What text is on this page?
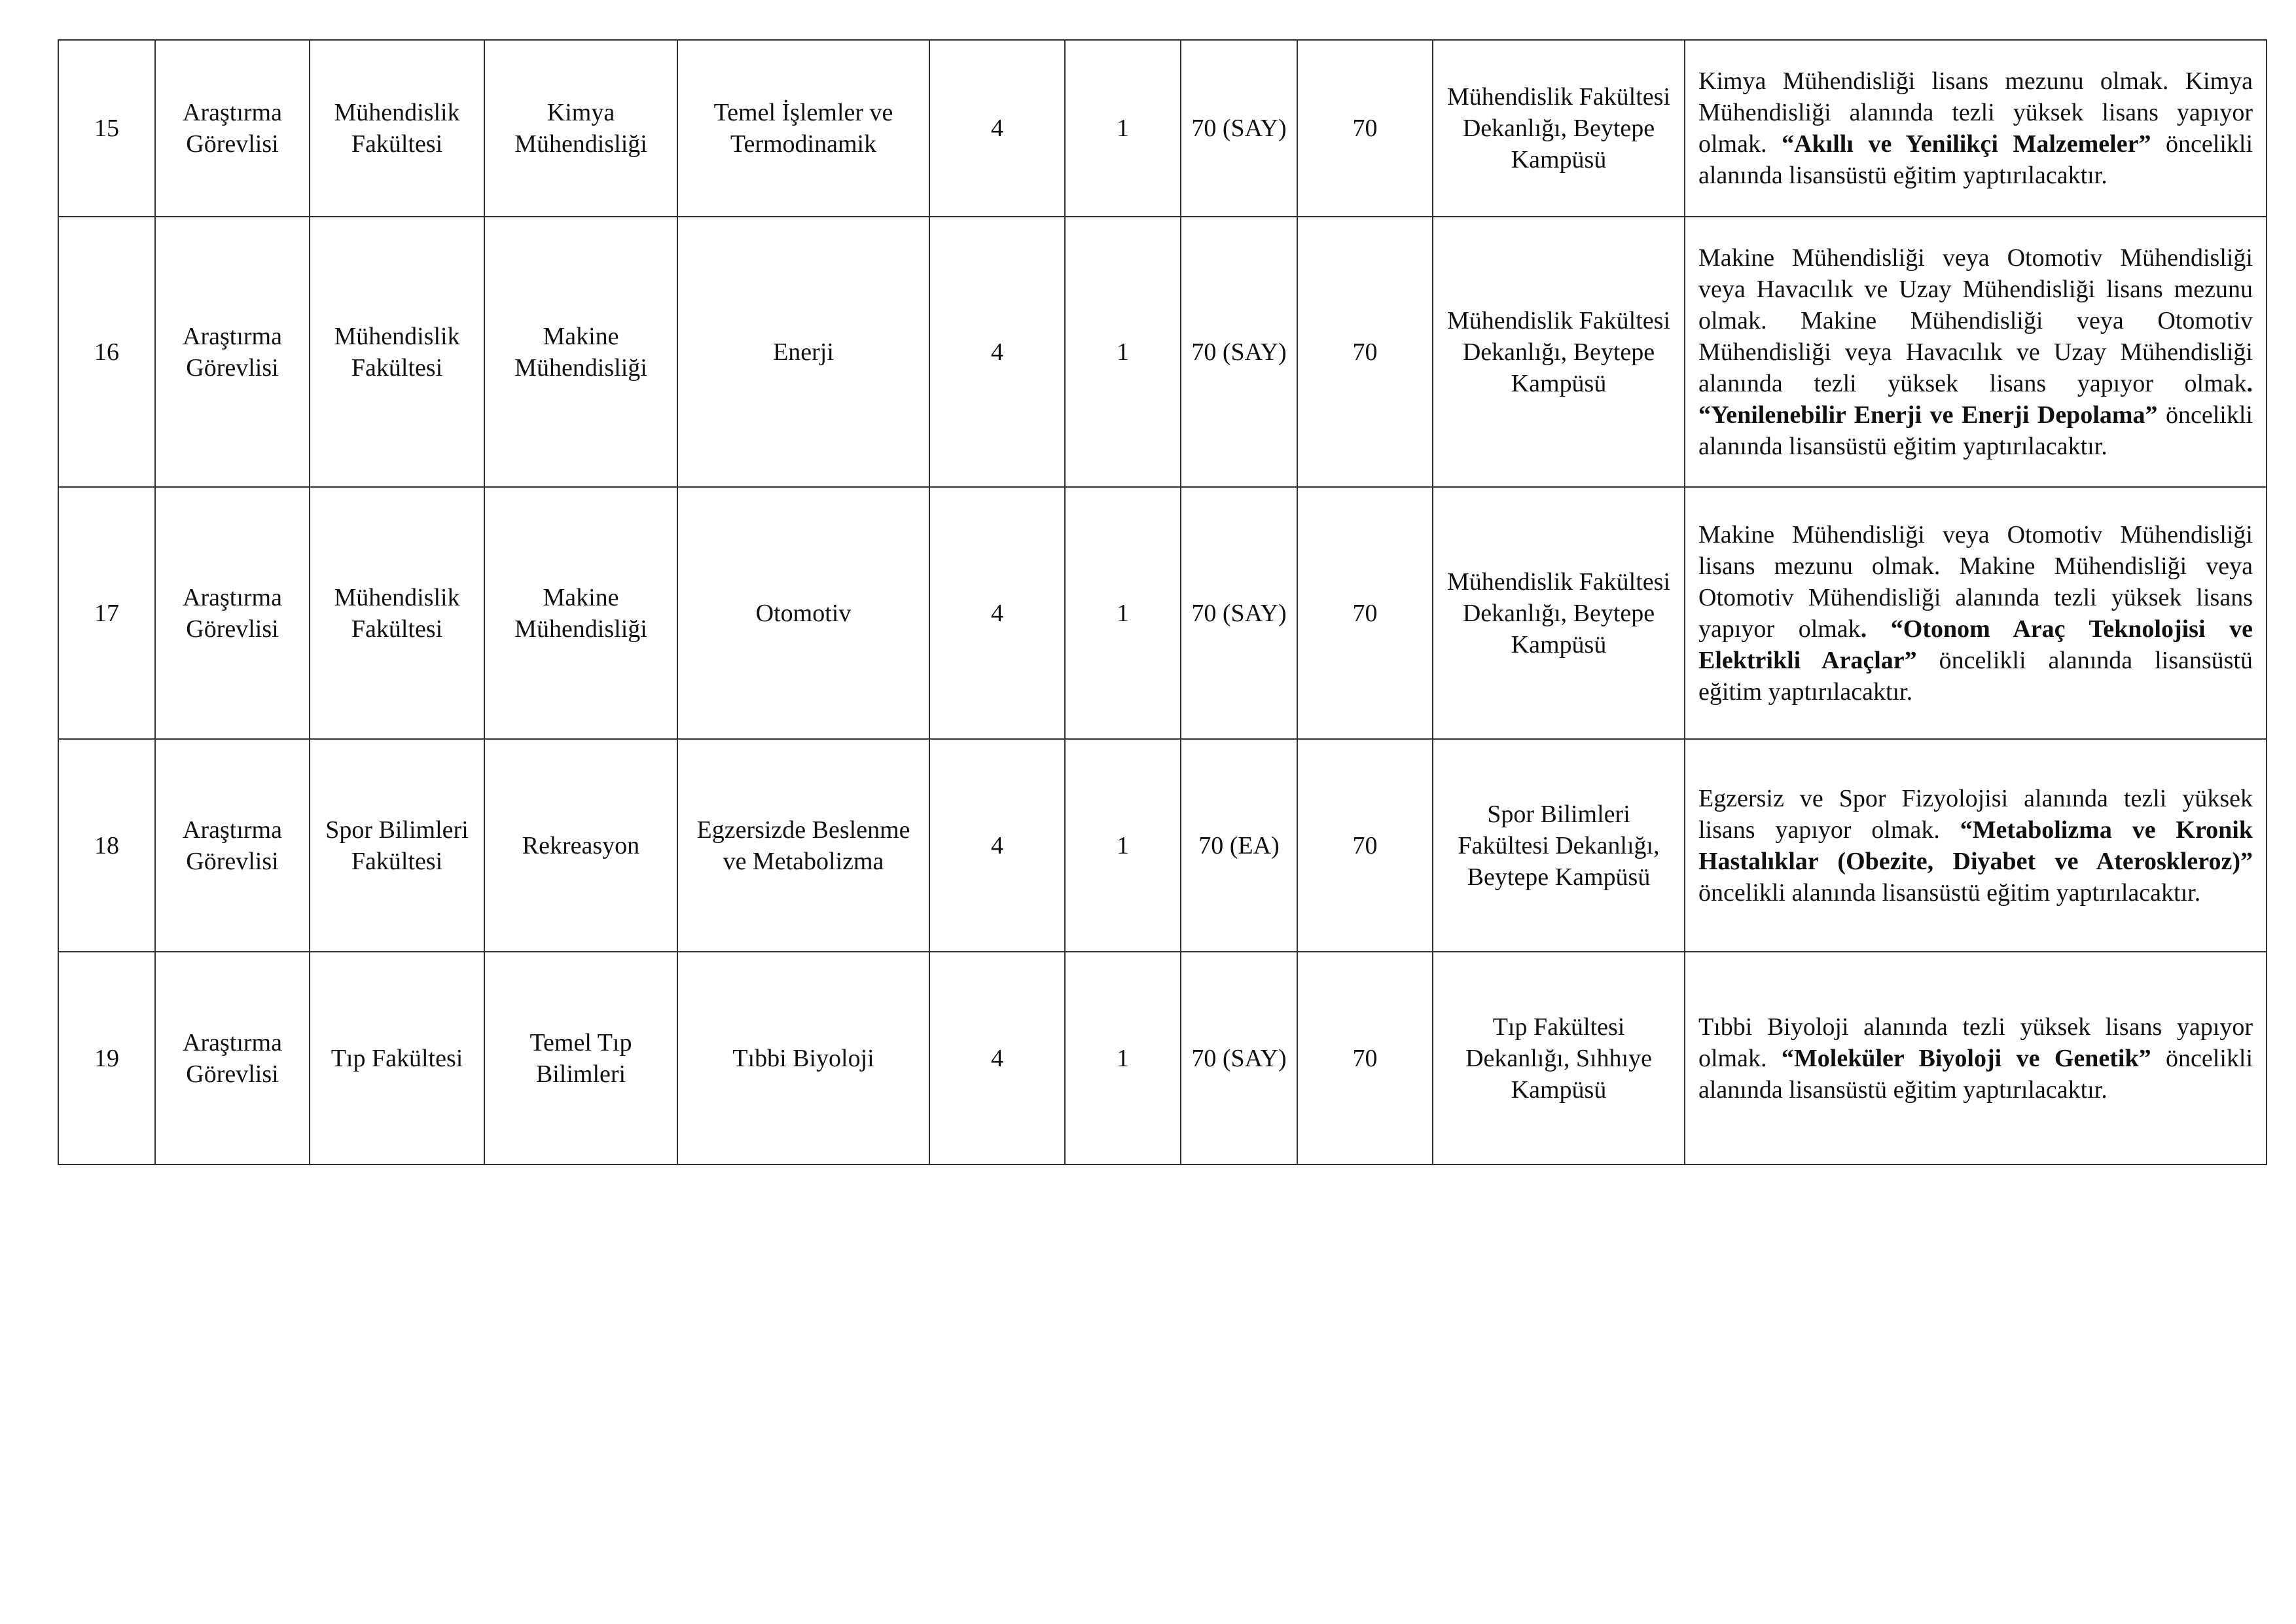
15	Araştırma Görevlisi	Mühendislik Fakültesi	Kimya Mühendisliği	Temel İşlemler ve Termodinamik	4	1	70 (SAY)	70	Mühendislik Fakültesi Dekanlığı, Beytepe Kampüsü	Kimya Mühendisliği lisans mezunu olmak. Kimya Mühendisliği alanında tezli yüksek lisans yapıyor olmak. “Akıllı ve Yenilikçi Malzemeler” öncelikli alanında lisansüstü eğitim yaptırılacaktır.
16	Araştırma Görevlisi	Mühendislik Fakültesi	Makine Mühendisliği	Enerji	4	1	70 (SAY)	70	Mühendislik Fakültesi Dekanlığı, Beytepe Kampüsü	Makine Mühendisliği veya Otomotiv Mühendisliği veya Havacılık ve Uzay Mühendisliği lisans mezunu olmak. Makine Mühendisliği veya Otomotiv Mühendisliği veya Havacılık ve Uzay Mühendisliği alanında tezli yüksek lisans yapıyor olmak. “Yenilenebilir Enerji ve Enerji Depolama” öncelikli alanında lisansüstü eğitim yaptırılacaktır.
17	Araştırma Görevlisi	Mühendislik Fakültesi	Makine Mühendisliği	Otomotiv	4	1	70 (SAY)	70	Mühendislik Fakültesi Dekanlığı, Beytepe Kampüsü	Makine Mühendisliği veya Otomotiv Mühendisliği lisans mezunu olmak. Makine Mühendisliği veya Otomotiv Mühendisliği alanında tezli yüksek lisans yapıyor olmak. “Otonom Araç Teknolojisi ve Elektrikli Araçlar” öncelikli alanında lisansüstü eğitim yaptırılacaktır.
18	Araştırma Görevlisi	Spor Bilimleri Fakültesi	Rekreasyon	Egzersizde Beslenme ve Metabolizma	4	1	70 (EA)	70	Spor Bilimleri Fakültesi Dekanlığı, Beytepe Kampüsü	Egzersiz ve Spor Fizyolojisi alanında tezli yüksek lisans yapıyor olmak. “Metabolizma ve Kronik Hastalıklar (Obezite, Diyabet ve Ateroskleroz)” öncelikli alanında lisansüstü eğitim yaptırılacaktır.
19	Araştırma Görevlisi	Tıp Fakültesi	Temel Tıp Bilimleri	Tıbbi Biyoloji	4	1	70 (SAY)	70	Tıp Fakültesi Dekanlığı, Sıhhıye Kampüsü	Tıbbi Biyoloji alanında tezli yüksek lisans yapıyor olmak. “Moleküler Biyoloji ve Genetik” öncelikli alanında lisansüstü eğitim yaptırılacaktır.
